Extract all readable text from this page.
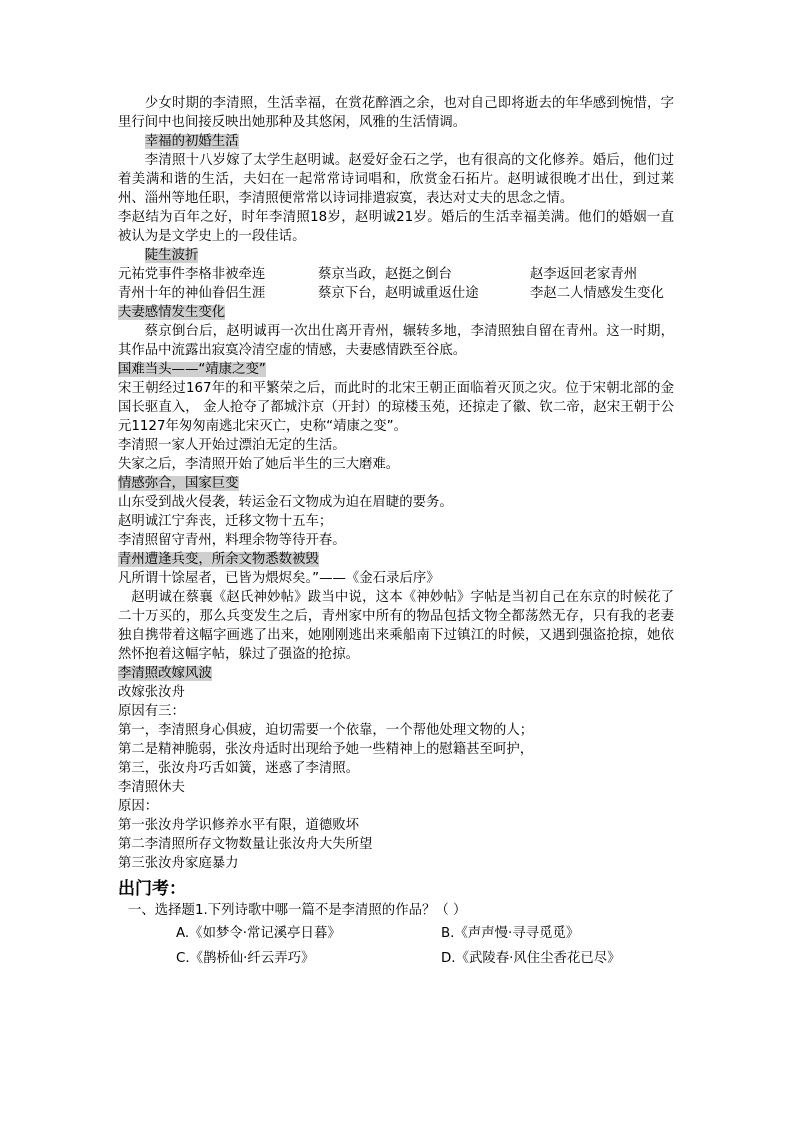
少女时期的李清照，生活幸福，在赏花醉酒之余，也对自己即将逝去的年华感到惋惜，字里行间中也间接反映出她那种及其悠闲，风雅的生活情调。

幸福的初婚生活

李清照十八岁嫁了太学生赵明诚。赵爱好金石之学，也有很高的文化修养。婚后，他们过着美满和谐的生活，夫妇在一起常常诗词唱和，欣赏金石拓片。赵明诚很晚才出仕，到过莱州、淄州等地任职，李清照便常常以诗词排遣寂寞，表达对丈夫的思念之情。

李赵结为百年之好，时年李清照18岁，赵明诚21岁。婚后的生活幸福美满。他们的婚姻一直被认为是文学史上的一段佳话。

陡生波折

元祐党事件李格非被牵连	蔡京当政，赵挺之倒台	赵李返回老家青州
青州十年的神仙眷侣生涯	蔡京下台，赵明诚重返仕途	李赵二人情感发生变化

夫妻感情发生变化

蔡京倒台后，赵明诚再一次出仕离开青州，辗转多地，李清照独自留在青州。这一时期，其作品中流露出寂寞冷清空虚的情感，夫妻感情跌至谷底。

国难当头——“靖康之变”

宋王朝经过167年的和平繁荣之后，而此时的北宋王朝正面临着灭顶之灾。位于宋朝北部的金国长驱直入， 金人抢夺了都城汴京（开封）的琼楼玉苑，还掠走了徽、钦二帝，赵宋王朝于公元1127年匆匆南逃北宋灭亡，史称“靖康之变”。

李清照一家人开始过漂泊无定的生活。

失家之后，李清照开始了她后半生的三大磨难。

情感弥合，国家巨变

山东受到战火侵袭，转运金石文物成为迫在眉睫的要务。

赵明诚江宁奔丧，迁移文物十五车；

李清照留守青州，料理余物等待开春。

青州遭逢兵变，所余文物悉数被毁

凡所谓十馀屋者，已皆为煨烬矣。”——《金石录后序》

赵明诚在蔡襄《赵氏神妙帖》跋当中说，这本《神妙帖》字帖是当初自己在东京的时候花了二十万买的，那么兵变发生之后，青州家中所有的物品包括文物全都荡然无存，只有我的老妻独自携带着这幅字画逃了出来，她刚刚逃出来乘船南下过镇江的时候，又遇到强盗抢掠，她依然怀抱着这幅字帖，躲过了强盗的抢掠。

李清照改嫁风波

改嫁张汝舟

原因有三：

第一，李清照身心俱疲，迫切需要一个依靠，一个帮他处理文物的人；

第二是精神脆弱，张汝舟适时出现给予她一些精神上的慰籍甚至呵护，

第三，张汝舟巧舌如簧，迷惑了李清照。

李清照休夫

原因：

第一张汝舟学识修养水平有限，道德败坏

第二李清照所存文物数量让张汝舟大失所望

第三张汝舟家庭暴力

出门考：

一、选择题1.下列诗歌中哪一篇不是李清照的作品？（ ）

A.《如梦令·常记溪亭日暮》	B.《声声慢·寻寻觅觅》
C.《鹊桥仙·纤云弄巧》	D.《武陵春·风住尘香花已尽》
